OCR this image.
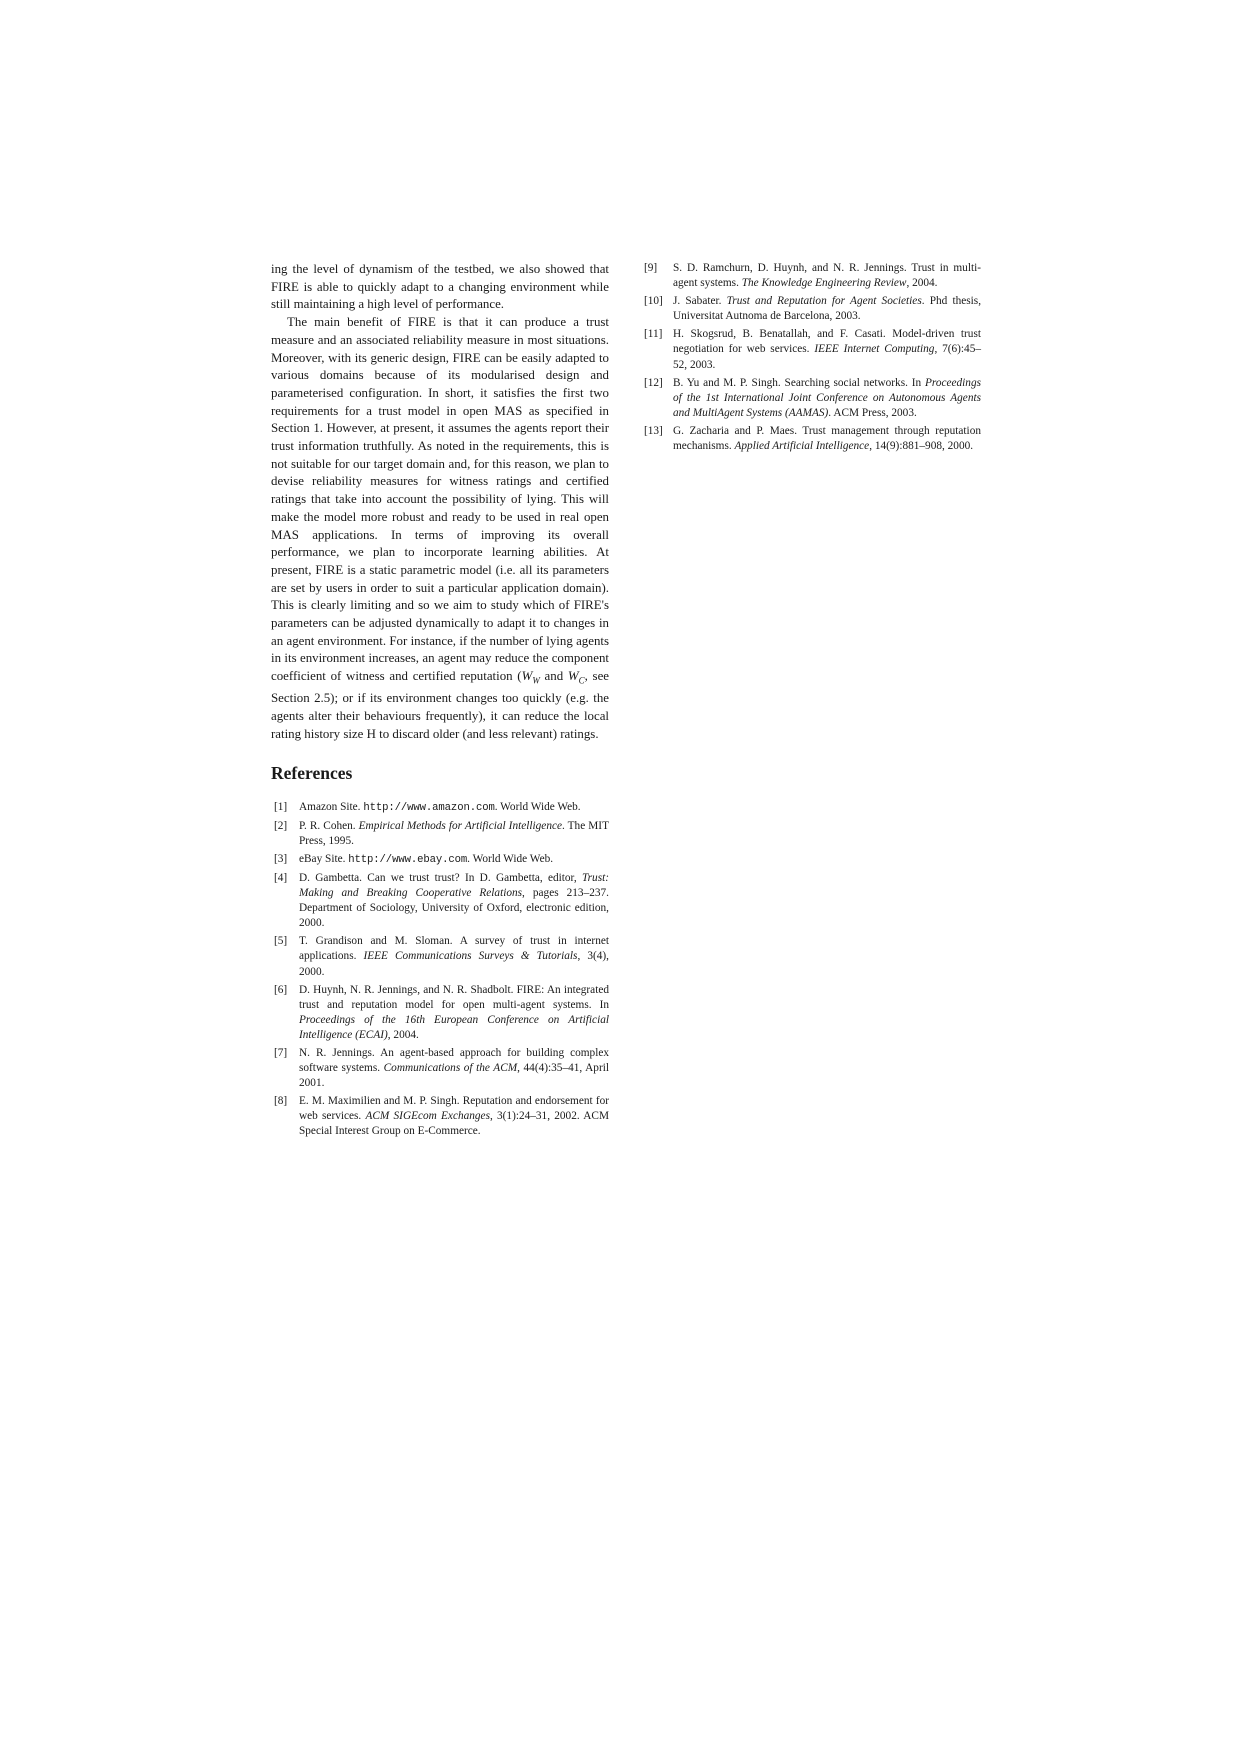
ing the level of dynamism of the testbed, we also showed that FIRE is able to quickly adapt to a changing environment while still maintaining a high level of performance.

The main benefit of FIRE is that it can produce a trust measure and an associated reliability measure in most situations. Moreover, with its generic design, FIRE can be easily adapted to various domains because of its modularised design and parameterised configuration. In short, it satisfies the first two requirements for a trust model in open MAS as specified in Section 1. However, at present, it assumes the agents report their trust information truthfully. As noted in the requirements, this is not suitable for our target domain and, for this reason, we plan to devise reliability measures for witness ratings and certified ratings that take into account the possibility of lying. This will make the model more robust and ready to be used in real open MAS applications. In terms of improving its overall performance, we plan to incorporate learning abilities. At present, FIRE is a static parametric model (i.e. all its parameters are set by users in order to suit a particular application domain). This is clearly limiting and so we aim to study which of FIRE's parameters can be adjusted dynamically to adapt it to changes in an agent environment. For instance, if the number of lying agents in its environment increases, an agent may reduce the component coefficient of witness and certified reputation ($W_W$ and $W_C$, see Section 2.5); or if its environment changes too quickly (e.g. the agents alter their behaviours frequently), it can reduce the local rating history size H to discard older (and less relevant) ratings.

References
[1] Amazon Site. http://www.amazon.com. World Wide Web.
[2] P. R. Cohen. Empirical Methods for Artificial Intelligence. The MIT Press, 1995.
[3] eBay Site. http://www.ebay.com. World Wide Web.
[4] D. Gambetta. Can we trust trust? In D. Gambetta, editor, Trust: Making and Breaking Cooperative Relations, pages 213–237. Department of Sociology, University of Oxford, electronic edition, 2000.
[5] T. Grandison and M. Sloman. A survey of trust in internet applications. IEEE Communications Surveys & Tutorials, 3(4), 2000.
[6] D. Huynh, N. R. Jennings, and N. R. Shadbolt. FIRE: An integrated trust and reputation model for open multi-agent systems. In Proceedings of the 16th European Conference on Artificial Intelligence (ECAI), 2004.
[7] N. R. Jennings. An agent-based approach for building complex software systems. Communications of the ACM, 44(4):35–41, April 2001.
[8] E. M. Maximilien and M. P. Singh. Reputation and endorsement for web services. ACM SIGEcom Exchanges, 3(1):24–31, 2002. ACM Special Interest Group on E-Commerce.
[9] S. D. Ramchurn, D. Huynh, and N. R. Jennings. Trust in multi-agent systems. The Knowledge Engineering Review, 2004.
[10] J. Sabater. Trust and Reputation for Agent Societies. Phd thesis, Universitat Autnoma de Barcelona, 2003.
[11] H. Skogsrud, B. Benatallah, and F. Casati. Model-driven trust negotiation for web services. IEEE Internet Computing, 7(6):45–52, 2003.
[12] B. Yu and M. P. Singh. Searching social networks. In Proceedings of the 1st International Joint Conference on Autonomous Agents and MultiAgent Systems (AAMAS). ACM Press, 2003.
[13] G. Zacharia and P. Maes. Trust management through reputation mechanisms. Applied Artificial Intelligence, 14(9):881–908, 2000.
